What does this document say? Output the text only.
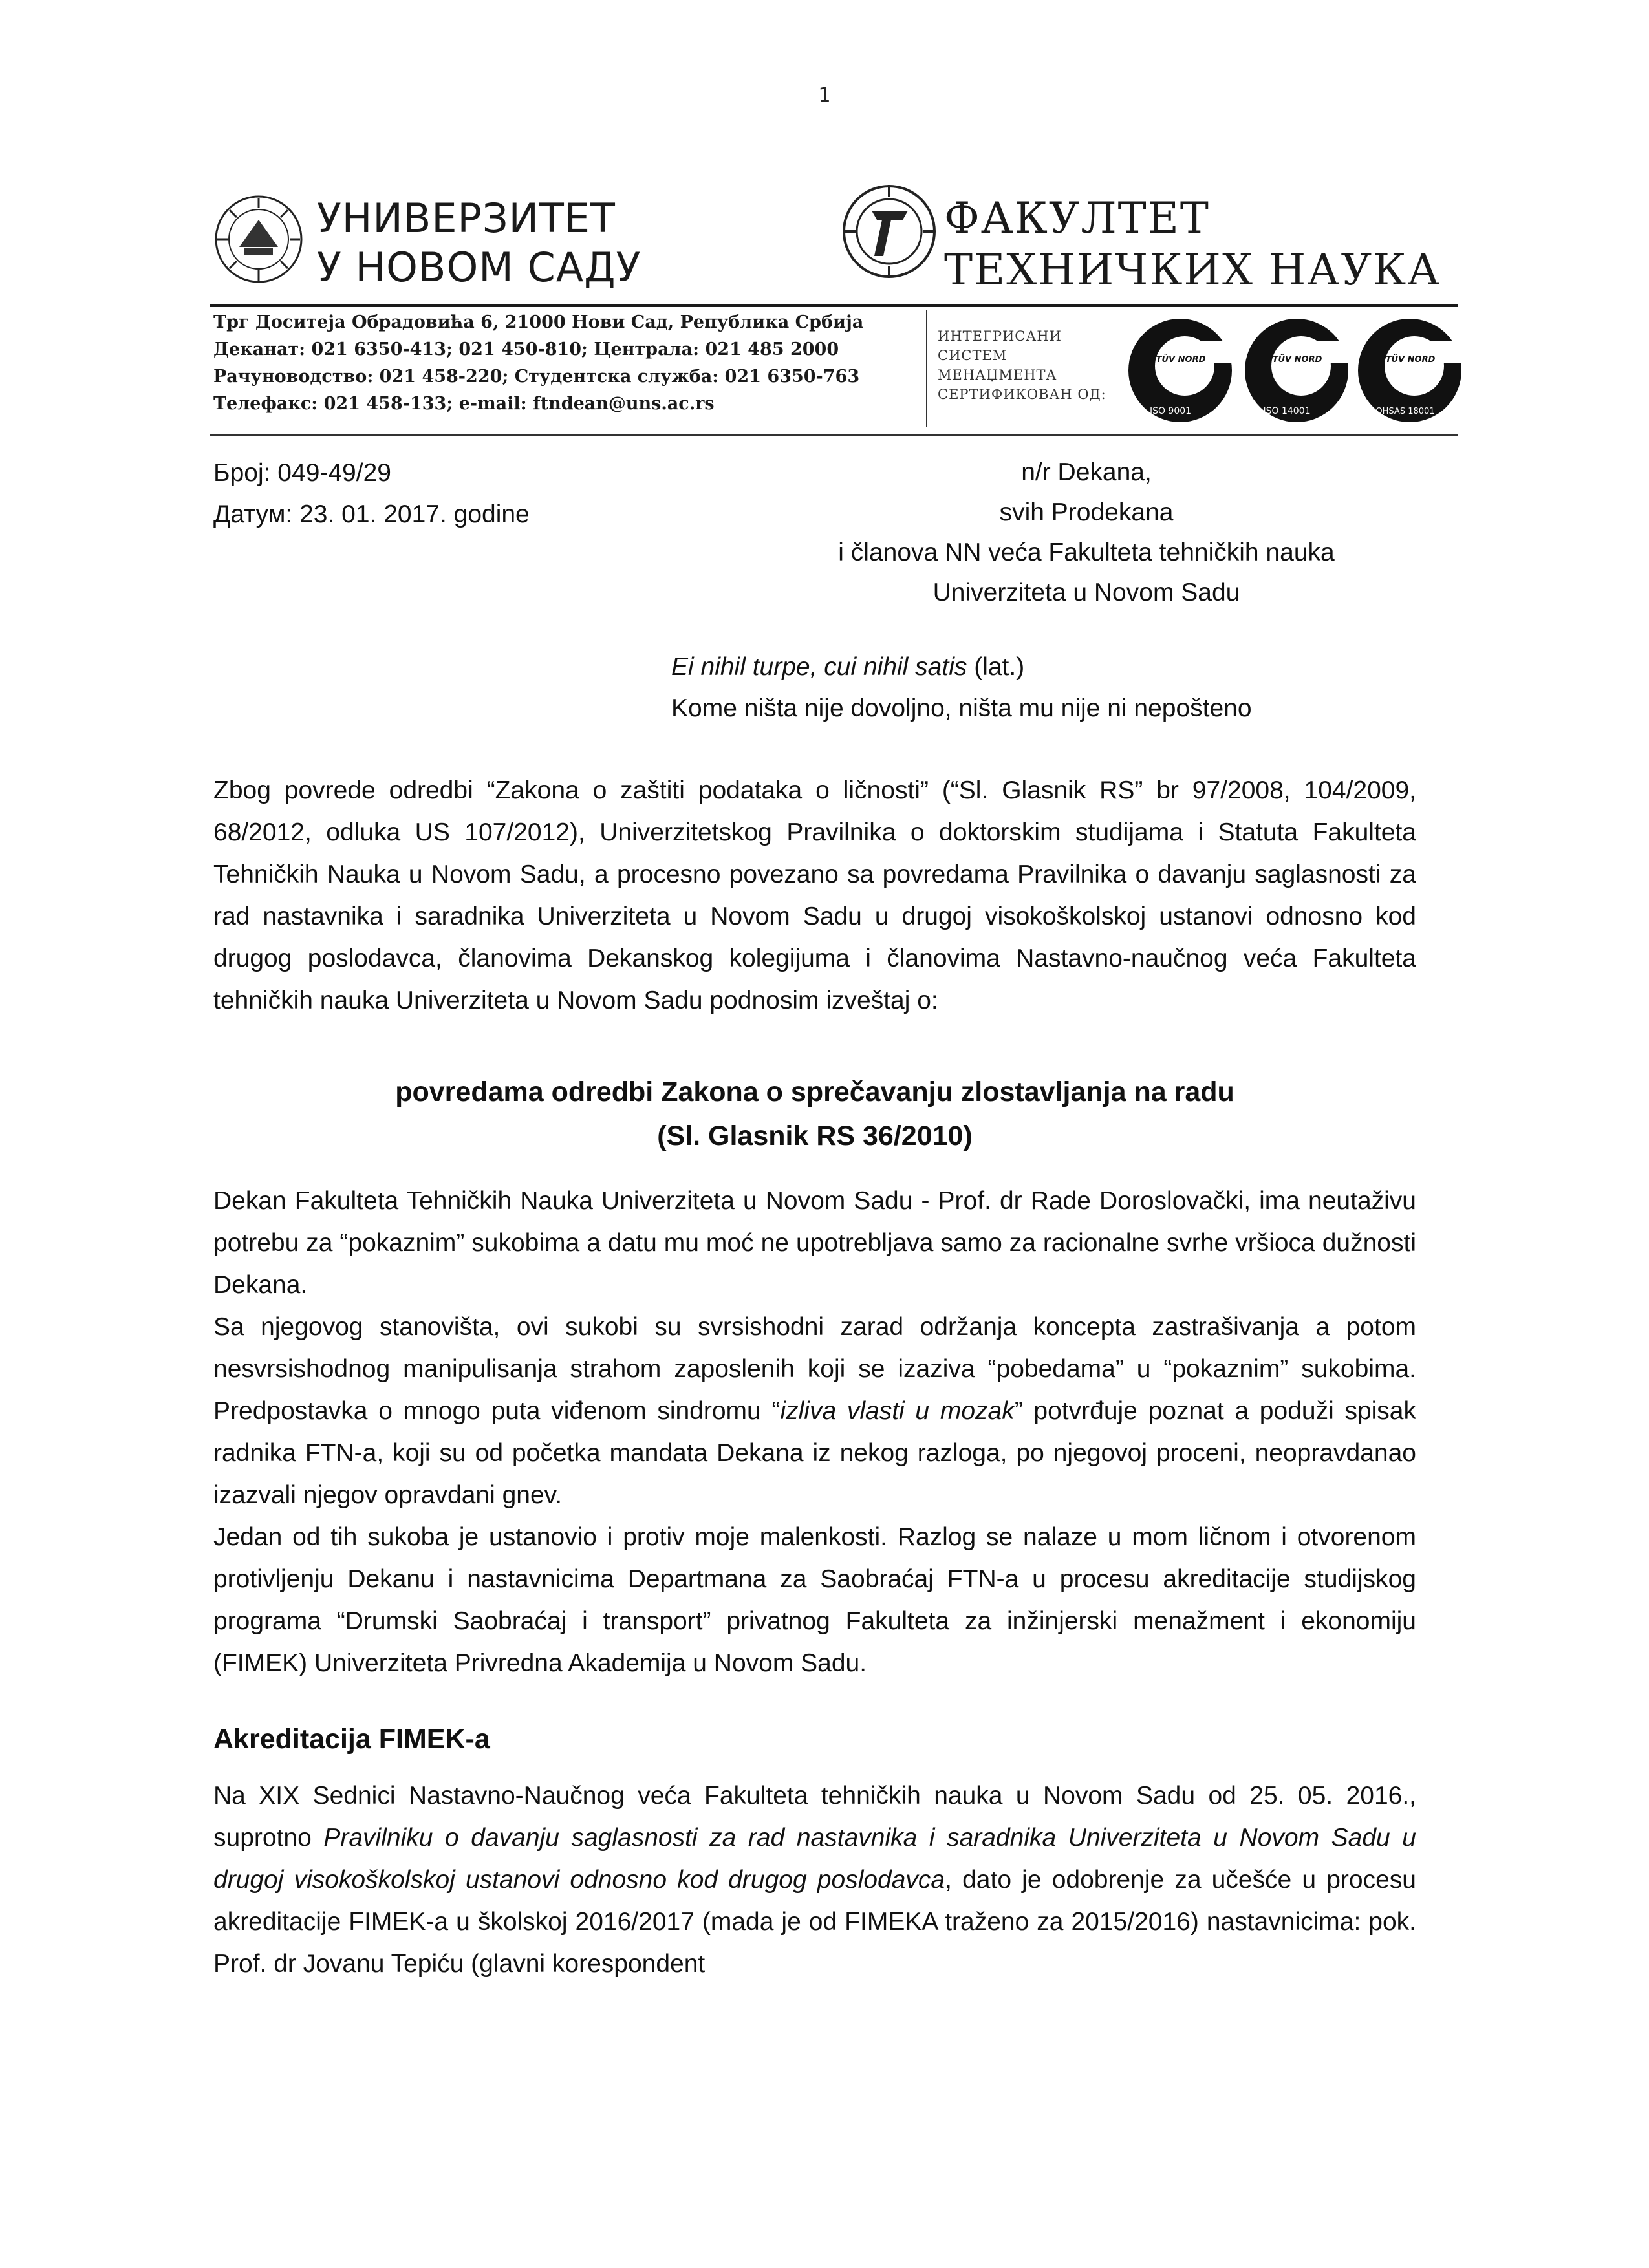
1
УНИВЕРЗИТЕТ
У НОВОМ САДУ
ФАКУЛТЕТ
ТЕХНИЧКИХ НАУКА
Трг Доситеја Обрадовића 6, 21000 Нови Сад, Република Србија
Деканат: 021 6350-413; 021 450-810; Централа: 021 485 2000
Рачуноводство: 021 458-220; Студентска служба: 021 6350-763
Телефакс: 021 458-133; e-mail: ftndean@uns.ac.rs
ИНТЕГРИСАНИ
СИСТЕМ
МЕНАЏМЕНТА
СЕРТИФИКОВАН ОД:
TÜV NORD
ISO 9001
TÜV NORD
ISO 14001
TÜV NORD
OHSAS 18001
Број: 049-49/29
Датум: 23. 01. 2017. godine
n/r Dekana,
svih Prodekana
i članova NN veća Fakulteta tehničkih nauka
Univerziteta u Novom Sadu
Ei nihil turpe, cui nihil satis (lat.)
Kome ništa nije dovoljno, ništa mu nije ni nepošteno

Zbog povrede odredbi “Zakona o zaštiti podataka o ličnosti” (“Sl. Glasnik RS” br 97/2008, 104/2009, 68/2012, odluka US 107/2012), Univerzitetskog Pravilnika o doktorskim studijama i Statuta Fakulteta Tehničkih Nauka u Novom Sadu, a procesno povezano sa povredama Pravilnika o davanju saglasnosti za rad nastavnika i saradnika Univerziteta u Novom Sadu u drugoj visokoškolskoj ustanovi odnosno kod drugog poslodavca, članovima Dekanskog kolegijuma i članovima Nastavno-naučnog veća Fakulteta tehničkih nauka Univerziteta u Novom Sadu podnosim izveštaj o:

povredama odredbi Zakona o sprečavanju zlostavljanja na radu
(Sl. Glasnik RS 36/2010)
Dekan Fakulteta Tehničkih Nauka Univerziteta u Novom Sadu - Prof. dr Rade Doroslovački, ima neutaživu potrebu za “pokaznim” sukobima a datu mu moć ne upotrebljava samo za racionalne svrhe vršioca dužnosti Dekana.
Sa njegovog stanovišta, ovi sukobi su svrsishodni zarad održanja koncepta zastrašivanja a potom nesvrsishodnog manipulisanja strahom zaposlenih koji se izaziva “pobedama” u “pokaznim” sukobima. Predpostavka o mnogo puta viđenom sindromu “izliva vlasti u mozak” potvrđuje poznat a poduži spisak radnika FTN-a, koji su od početka mandata Dekana iz nekog razloga, po njegovoj proceni, neopravdanao izazvali njegov opravdani gnev.
Jedan od tih sukoba je ustanovio i protiv moje malenkosti. Razlog se nalaze u mom ličnom i otvorenom protivljenju Dekanu i nastavnicima Departmana za Saobraćaj FTN-a u procesu akreditacije studijskog programa “Drumski Saobraćaj i transport” privatnog Fakulteta za inžinjerski menažment i ekonomiju (FIMEK) Univerziteta Privredna Akademija u Novom Sadu.
Akreditacija FIMEK-a

Na XIX Sednici Nastavno-Naučnog veća Fakulteta tehničkih nauka u Novom Sadu od 25. 05. 2016., suprotno Pravilniku o davanju saglasnosti za rad nastavnika i saradnika Univerziteta u Novom Sadu u drugoj visokoškolskoj ustanovi odnosno kod drugog poslodavca, dato je odobrenje za učešće u procesu akreditacije FIMEK-a u školskoj 2016/2017 (mada je od FIMEKA traženo za 2015/2016) nastavnicima: pok. Prof. dr Jovanu Tepiću (glavni korespondent
